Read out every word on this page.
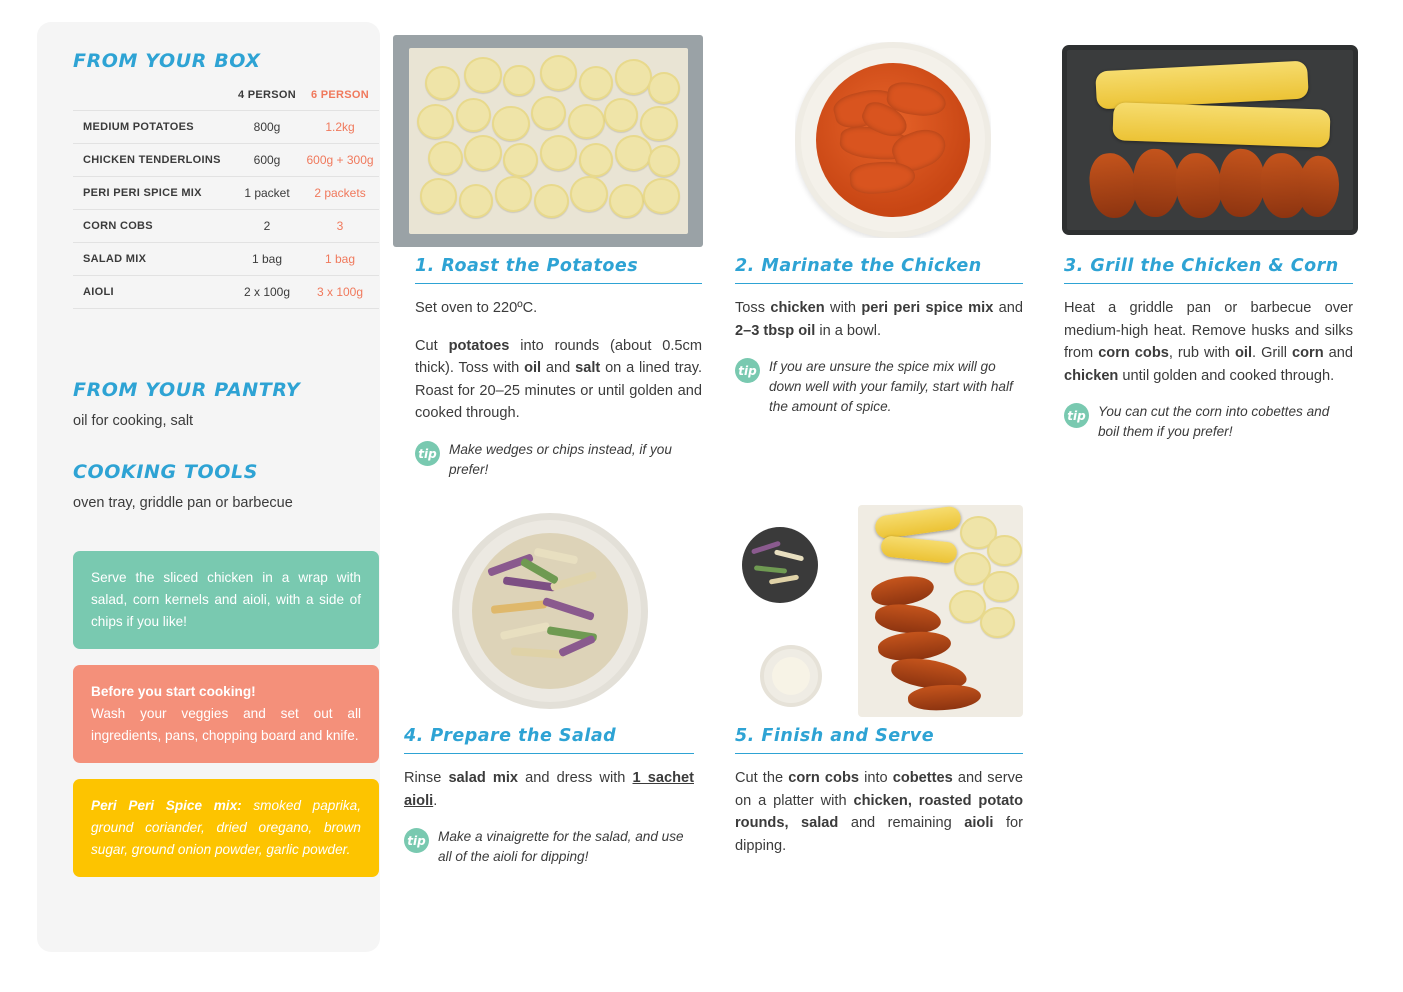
FROM YOUR BOX
	4 PERSON	6 PERSON
MEDIUM POTATOES	800g	1.2kg
CHICKEN TENDERLOINS	600g	600g + 300g
PERI PERI SPICE MIX	1 packet	2 packets
CORN COBS	2	3
SALAD MIX	1 bag	1 bag
AIOLI	2 x 100g	3 x 100g

FROM YOUR PANTRY
oil for cooking, salt
COOKING TOOLS
oven tray, griddle pan or barbecue
Serve the sliced chicken in a wrap with salad, corn kernels and aioli, with a side of chips if you like!
Before you start cooking!
Wash your veggies and set out all ingredients, pans, chopping board and knife.
Peri Peri Spice mix: smoked paprika, ground coriander, dried oregano, brown sugar, ground onion powder, garlic powder.
1. Roast the Potatoes

Set oven to 220ºC.

Cut potatoes into rounds (about 0.5cm thick). Toss with oil and salt on a lined tray. Roast for 20–25 minutes or until golden and cooked through.

tip Make wedges or chips instead, if you prefer!
2. Marinate the Chicken

Toss chicken with peri peri spice mix and 2–3 tbsp oil in a bowl.

tip If you are unsure the spice mix will go down well with your family, start with half the amount of spice.
3. Grill the Chicken & Corn

Heat a griddle pan or barbecue over medium-high heat. Remove husks and silks from corn cobs, rub with oil. Grill corn and chicken until golden and cooked through.

tip You can cut the corn into cobettes and boil them if you prefer!
4. Prepare the Salad

Rinse salad mix and dress with 1 sachet aioli.

tip Make a vinaigrette for the salad, and use all of the aioli for dipping!
5. Finish and Serve

Cut the corn cobs into cobettes and serve on a platter with chicken, roasted potato rounds, salad and remaining aioli for dipping.
